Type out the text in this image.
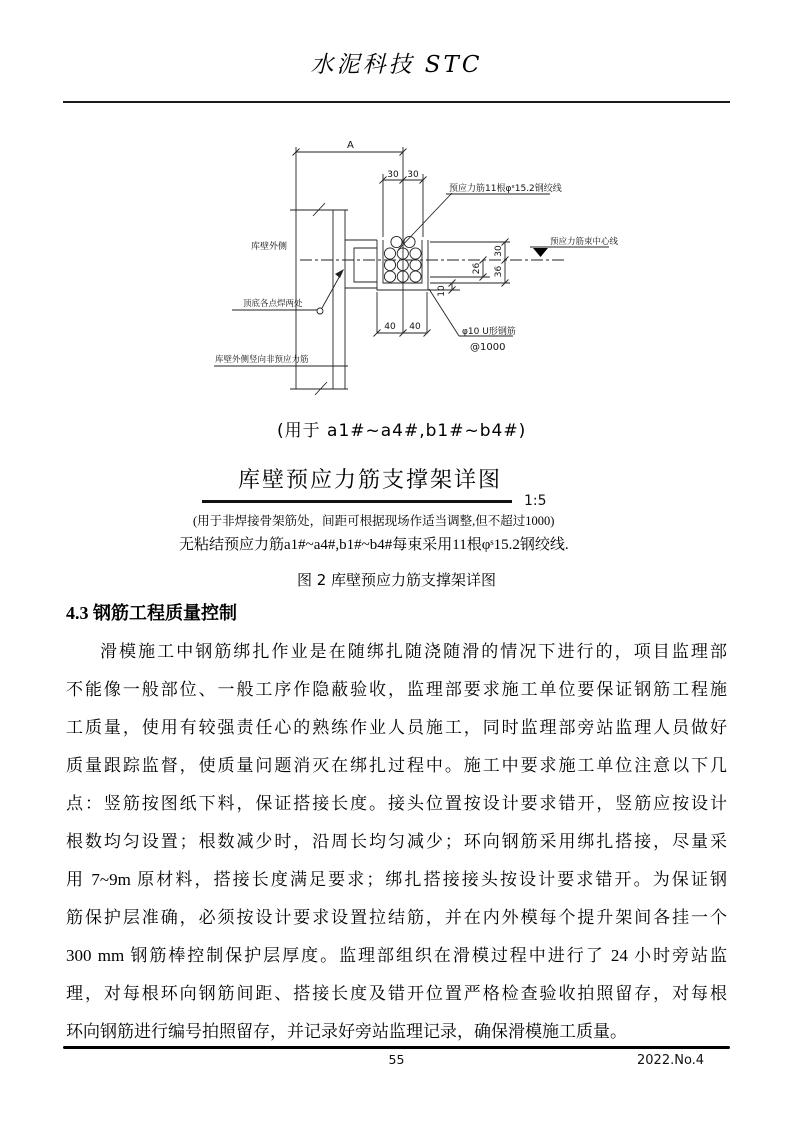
水泥科技 STC
A
30 30
预应力筋11根φˢ15.2钢绞线
库壁外侧	预应力筋束中心线
30
26 36
10
顶底各点焊两处
40 40	φ10 U形钢筋
@1000
库壁外侧竖向非预应力筋
(用于 a1#~a4#,b1#~b4#)
库壁预应力筋支撑架详图
1:5
(用于非焊接骨架筋处，间距可根据现场作适当调整,但不超过1000)
无粘结预应力筋a1#~a4#,b1#~b4#每束采用11根φˢ15.2钢绞线.
图 2 库壁预应力筋支撑架详图
4.3 钢筋工程质量控制
滑模施工中钢筋绑扎作业是在随绑扎随浇随滑的情况下进行的，项目监理部
不能像一般部位、一般工序作隐蔽验收，监理部要求施工单位要保证钢筋工程施
工质量，使用有较强责任心的熟练作业人员施工，同时监理部旁站监理人员做好
质量跟踪监督，使质量问题消灭在绑扎过程中。施工中要求施工单位注意以下几
点：竖筋按图纸下料，保证搭接长度。接头位置按设计要求错开，竖筋应按设计
根数均匀设置；根数减少时，沿周长均匀减少；环向钢筋采用绑扎搭接，尽量采
用 7~9m 原材料，搭接长度满足要求；绑扎搭接接头按设计要求错开。为保证钢
筋保护层准确，必须按设计要求设置拉结筋，并在内外模每个提升架间各挂一个
300 mm 钢筋棒控制保护层厚度。监理部组织在滑模过程中进行了 24 小时旁站监
理，对每根环向钢筋间距、搭接长度及错开位置严格检查验收拍照留存，对每根
环向钢筋进行编号拍照留存，并记录好旁站监理记录，确保滑模施工质量。
55	2022.No.4
